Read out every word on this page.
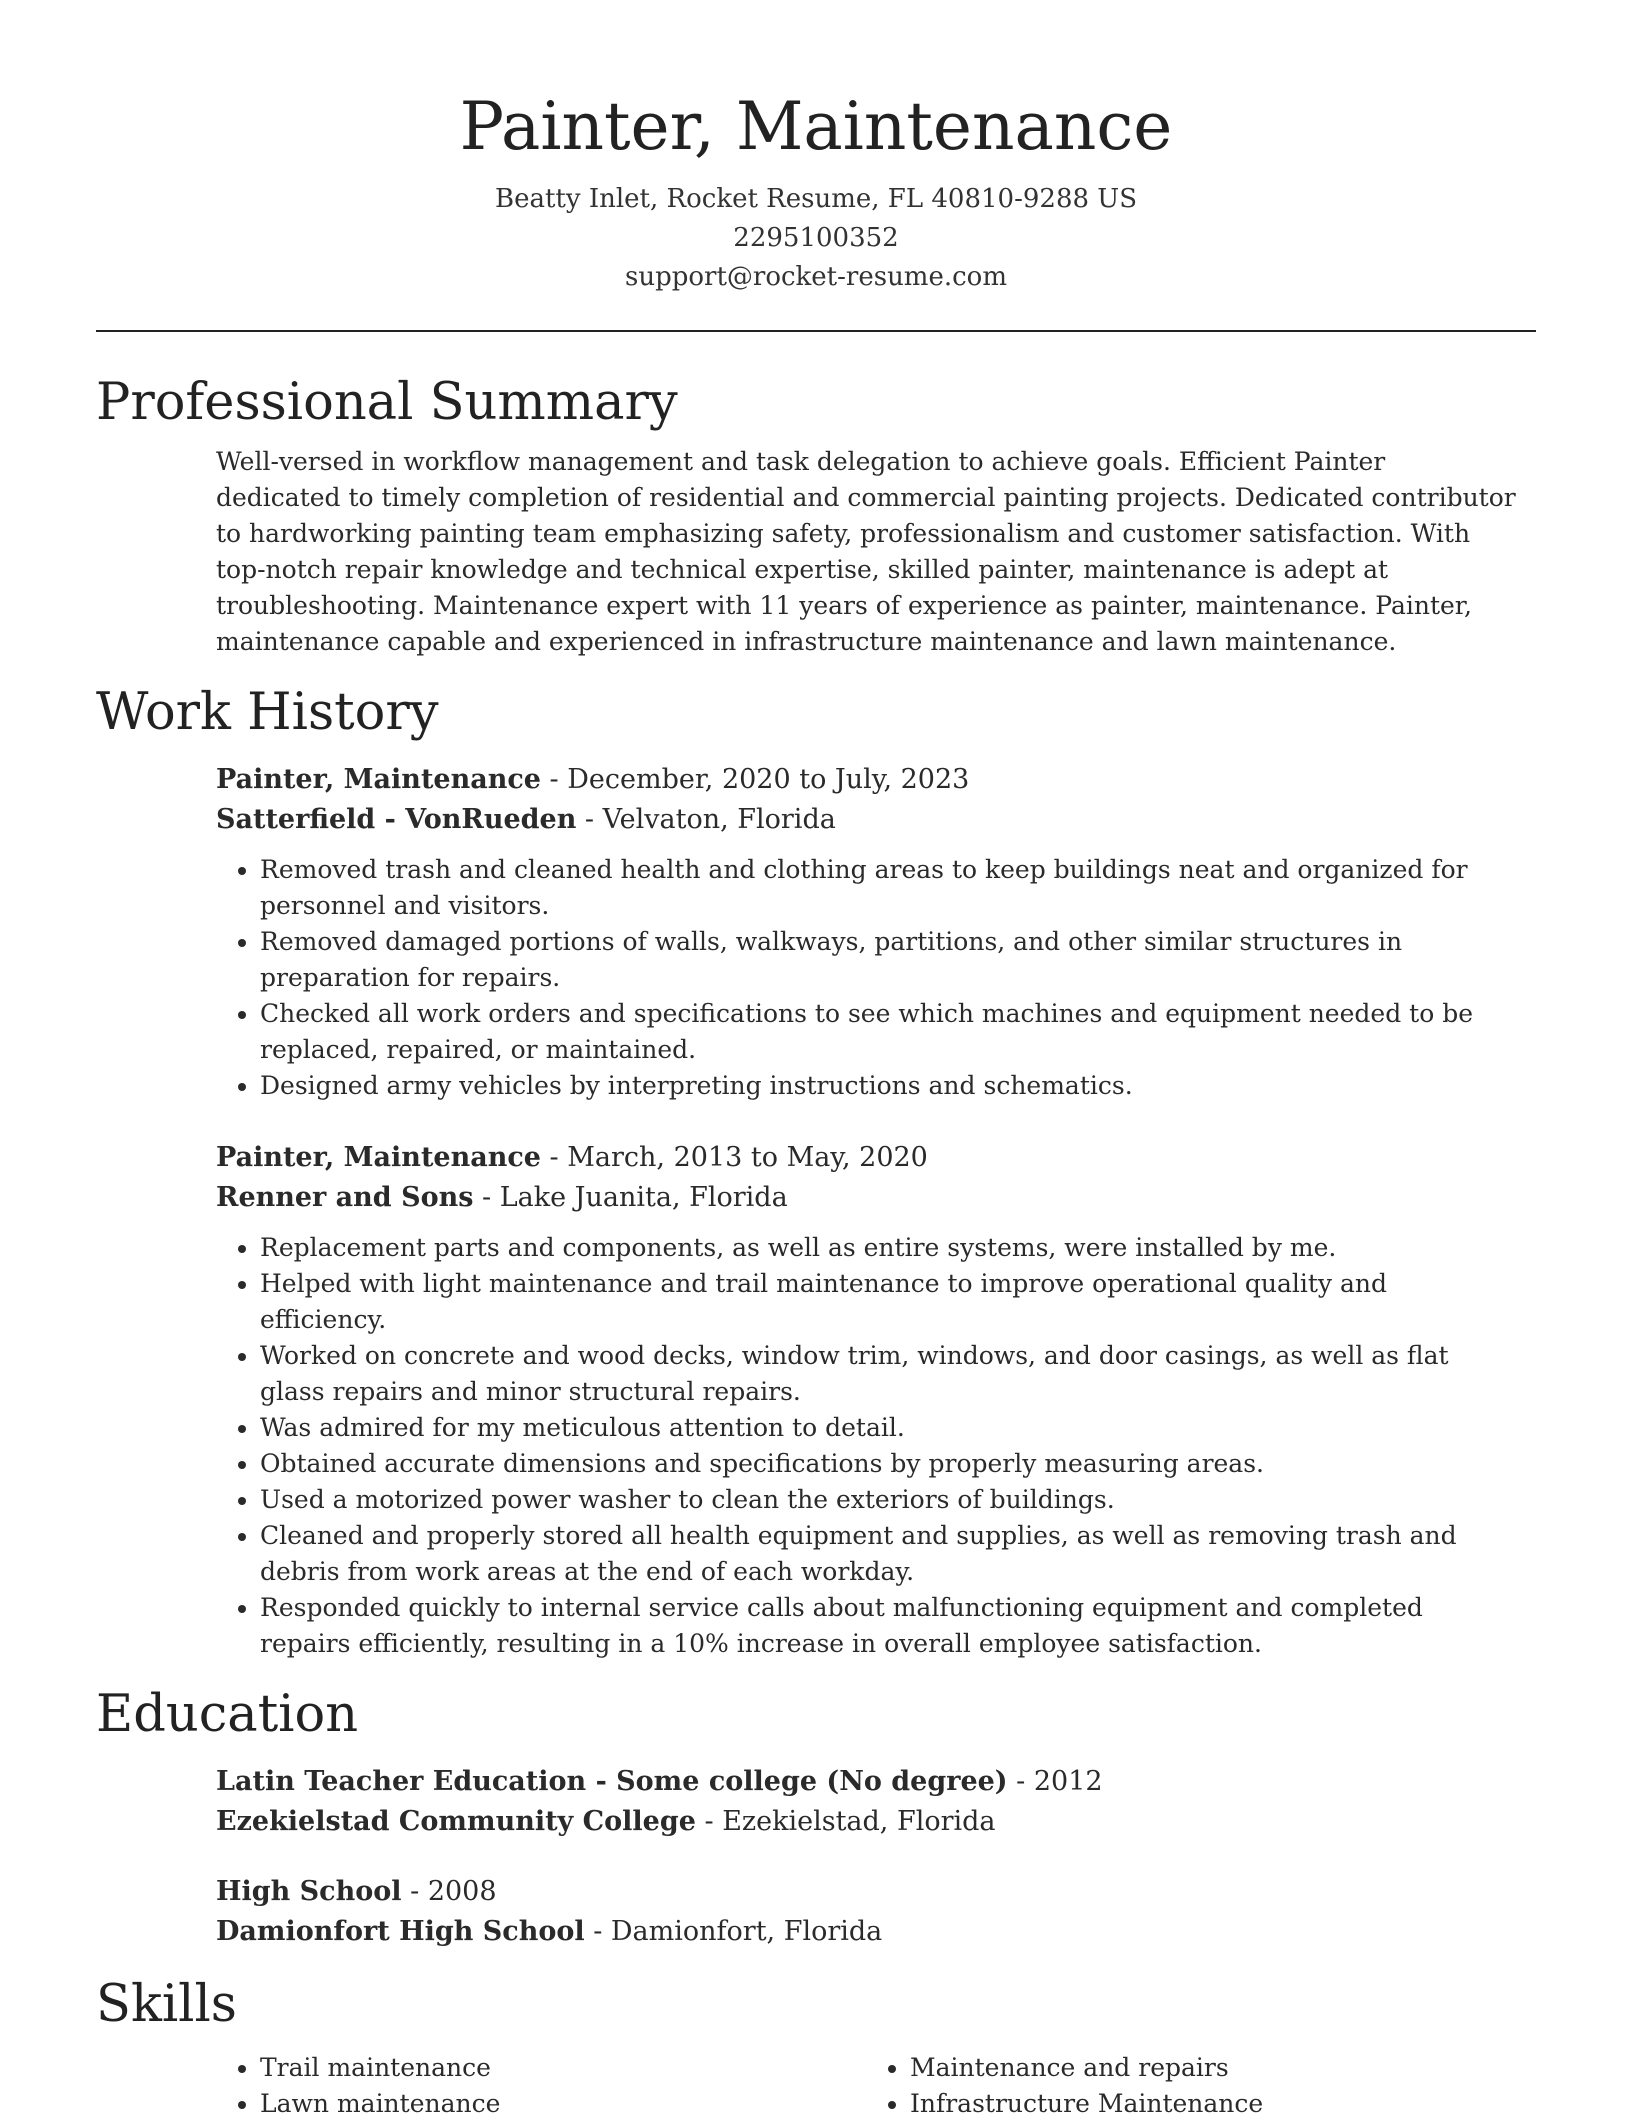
Painter, Maintenance
Beatty Inlet, Rocket Resume, FL 40810-9288 US
2295100352
support@rocket-resume.com
Professional Summary
Well-versed in workflow management and task delegation to achieve goals. Efficient Painter dedicated to timely completion of residential and commercial painting projects. Dedicated contributor to hardworking painting team emphasizing safety, professionalism and customer satisfaction. With top-notch repair knowledge and technical expertise, skilled painter, maintenance is adept at troubleshooting. Maintenance expert with 11 years of experience as painter, maintenance. Painter, maintenance capable and experienced in infrastructure maintenance and lawn maintenance.
Work History
Painter, Maintenance - December, 2020 to July, 2023
Satterfield - VonRueden - Velvaton, Florida
• Removed trash and cleaned health and clothing areas to keep buildings neat and organized for personnel and visitors.
• Removed damaged portions of walls, walkways, partitions, and other similar structures in preparation for repairs.
• Checked all work orders and specifications to see which machines and equipment needed to be replaced, repaired, or maintained.
• Designed army vehicles by interpreting instructions and schematics.
Painter, Maintenance - March, 2013 to May, 2020
Renner and Sons - Lake Juanita, Florida
• Replacement parts and components, as well as entire systems, were installed by me.
• Helped with light maintenance and trail maintenance to improve operational quality and efficiency.
• Worked on concrete and wood decks, window trim, windows, and door casings, as well as flat glass repairs and minor structural repairs.
• Was admired for my meticulous attention to detail.
• Obtained accurate dimensions and specifications by properly measuring areas.
• Used a motorized power washer to clean the exteriors of buildings.
• Cleaned and properly stored all health equipment and supplies, as well as removing trash and debris from work areas at the end of each workday.
• Responded quickly to internal service calls about malfunctioning equipment and completed repairs efficiently, resulting in a 10% increase in overall employee satisfaction.
Education
Latin Teacher Education - Some college (No degree) - 2012
Ezekielstad Community College - Ezekielstad, Florida
High School - 2008
Damionfort High School - Damionfort, Florida
Skills
• Trail maintenance
• Lawn maintenance
• Maintenance and repairs
• Infrastructure Maintenance
